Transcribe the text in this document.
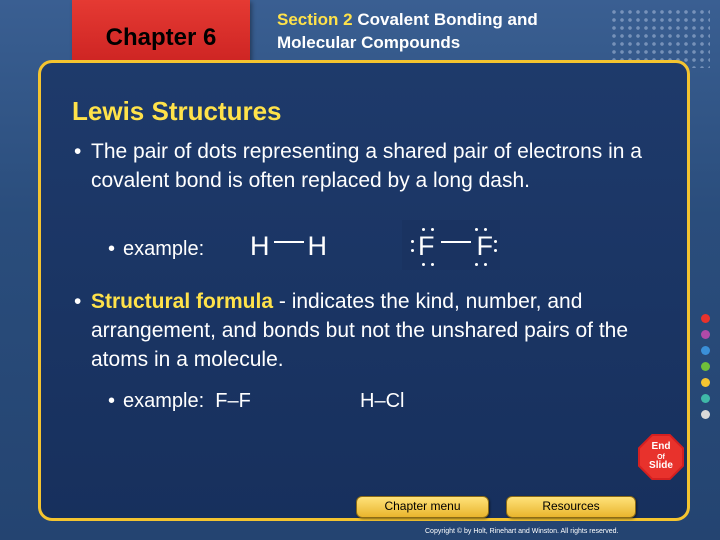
Chapter 6
Section 2 Covalent Bonding and
Molecular Compounds
Lewis Structures
• The pair of dots representing a shared pair of electrons in a covalent bond is often replaced by a long dash.
• example: H H	F F
• Structural formula - indicates the kind, number, and arrangement, and bonds but not the unshared pairs of the atoms in a molecule.
• example: F–F	H–Cl
End
Of
Slide
Chapter menu	Resources
Copyright © by Holt, Rinehart and Winston. All rights reserved.
